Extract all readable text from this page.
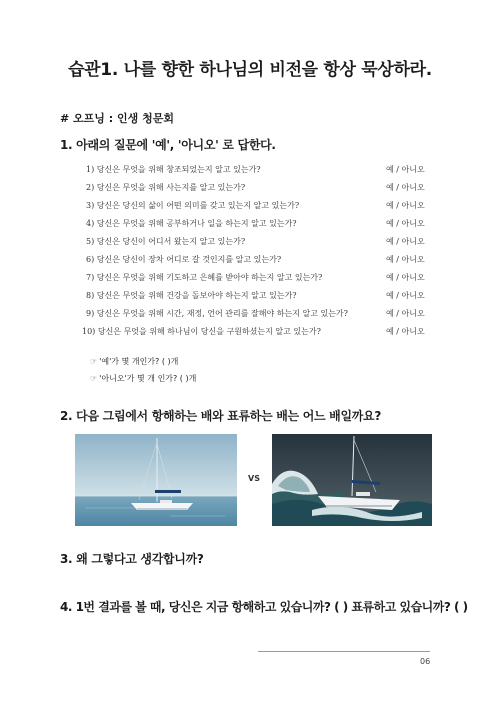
습관1. 나를 향한 하나님의 비전을 항상 묵상하라.
# 오프닝 : 인생 청문회
1. 아래의 질문에 '예', '아니오' 로 답한다.
1) 당신은 무엇을 위해 창조되었는지 알고 있는가?	예 / 아니오
2) 당신은 무엇을 위해 사는지를 알고 있는가?	예 / 아니오
3) 당신은 당신의 삶이 어떤 의미를 갖고 있는지 알고 있는가?	예 / 아니오
4) 당신은 무엇을 위해 공부하거나 일을 하는지 알고 있는가?	예 / 아니오
5) 당신은 당신이 어디서 왔는지 알고 있는가?	예 / 아니오
6) 당신은 당신이 장차 어디로 갈 것인지를 알고 있는가?	예 / 아니오
7) 당신은 무엇을 위해 기도하고 은혜를 받아야 하는지 알고 있는가?	예 / 아니오
8) 당신은 무엇을 위해 건강을 돌보아야 하는지 알고 있는가?	예 / 아니오
9) 당신은 무엇을 위해 시간, 재정, 언어 관리를 잘해야 하는지 알고 있는가?	예 / 아니오
10) 당신은 무엇을 위해 하나님이 당신을 구원하셨는지 알고 있는가?	예 / 아니오
☞ '예'가 몇 개인가? ( )개
☞ '아니오'가 몇 개 인가? ( )개
2. 다음 그림에서 항해하는 배와 표류하는 배는 어느 배일까요?
VS
3. 왜 그렇다고 생각합니까?
4. 1번 결과를 볼 때, 당신은 지금 항해하고 있습니까? ( ) 표류하고 있습니까? ( )
06
